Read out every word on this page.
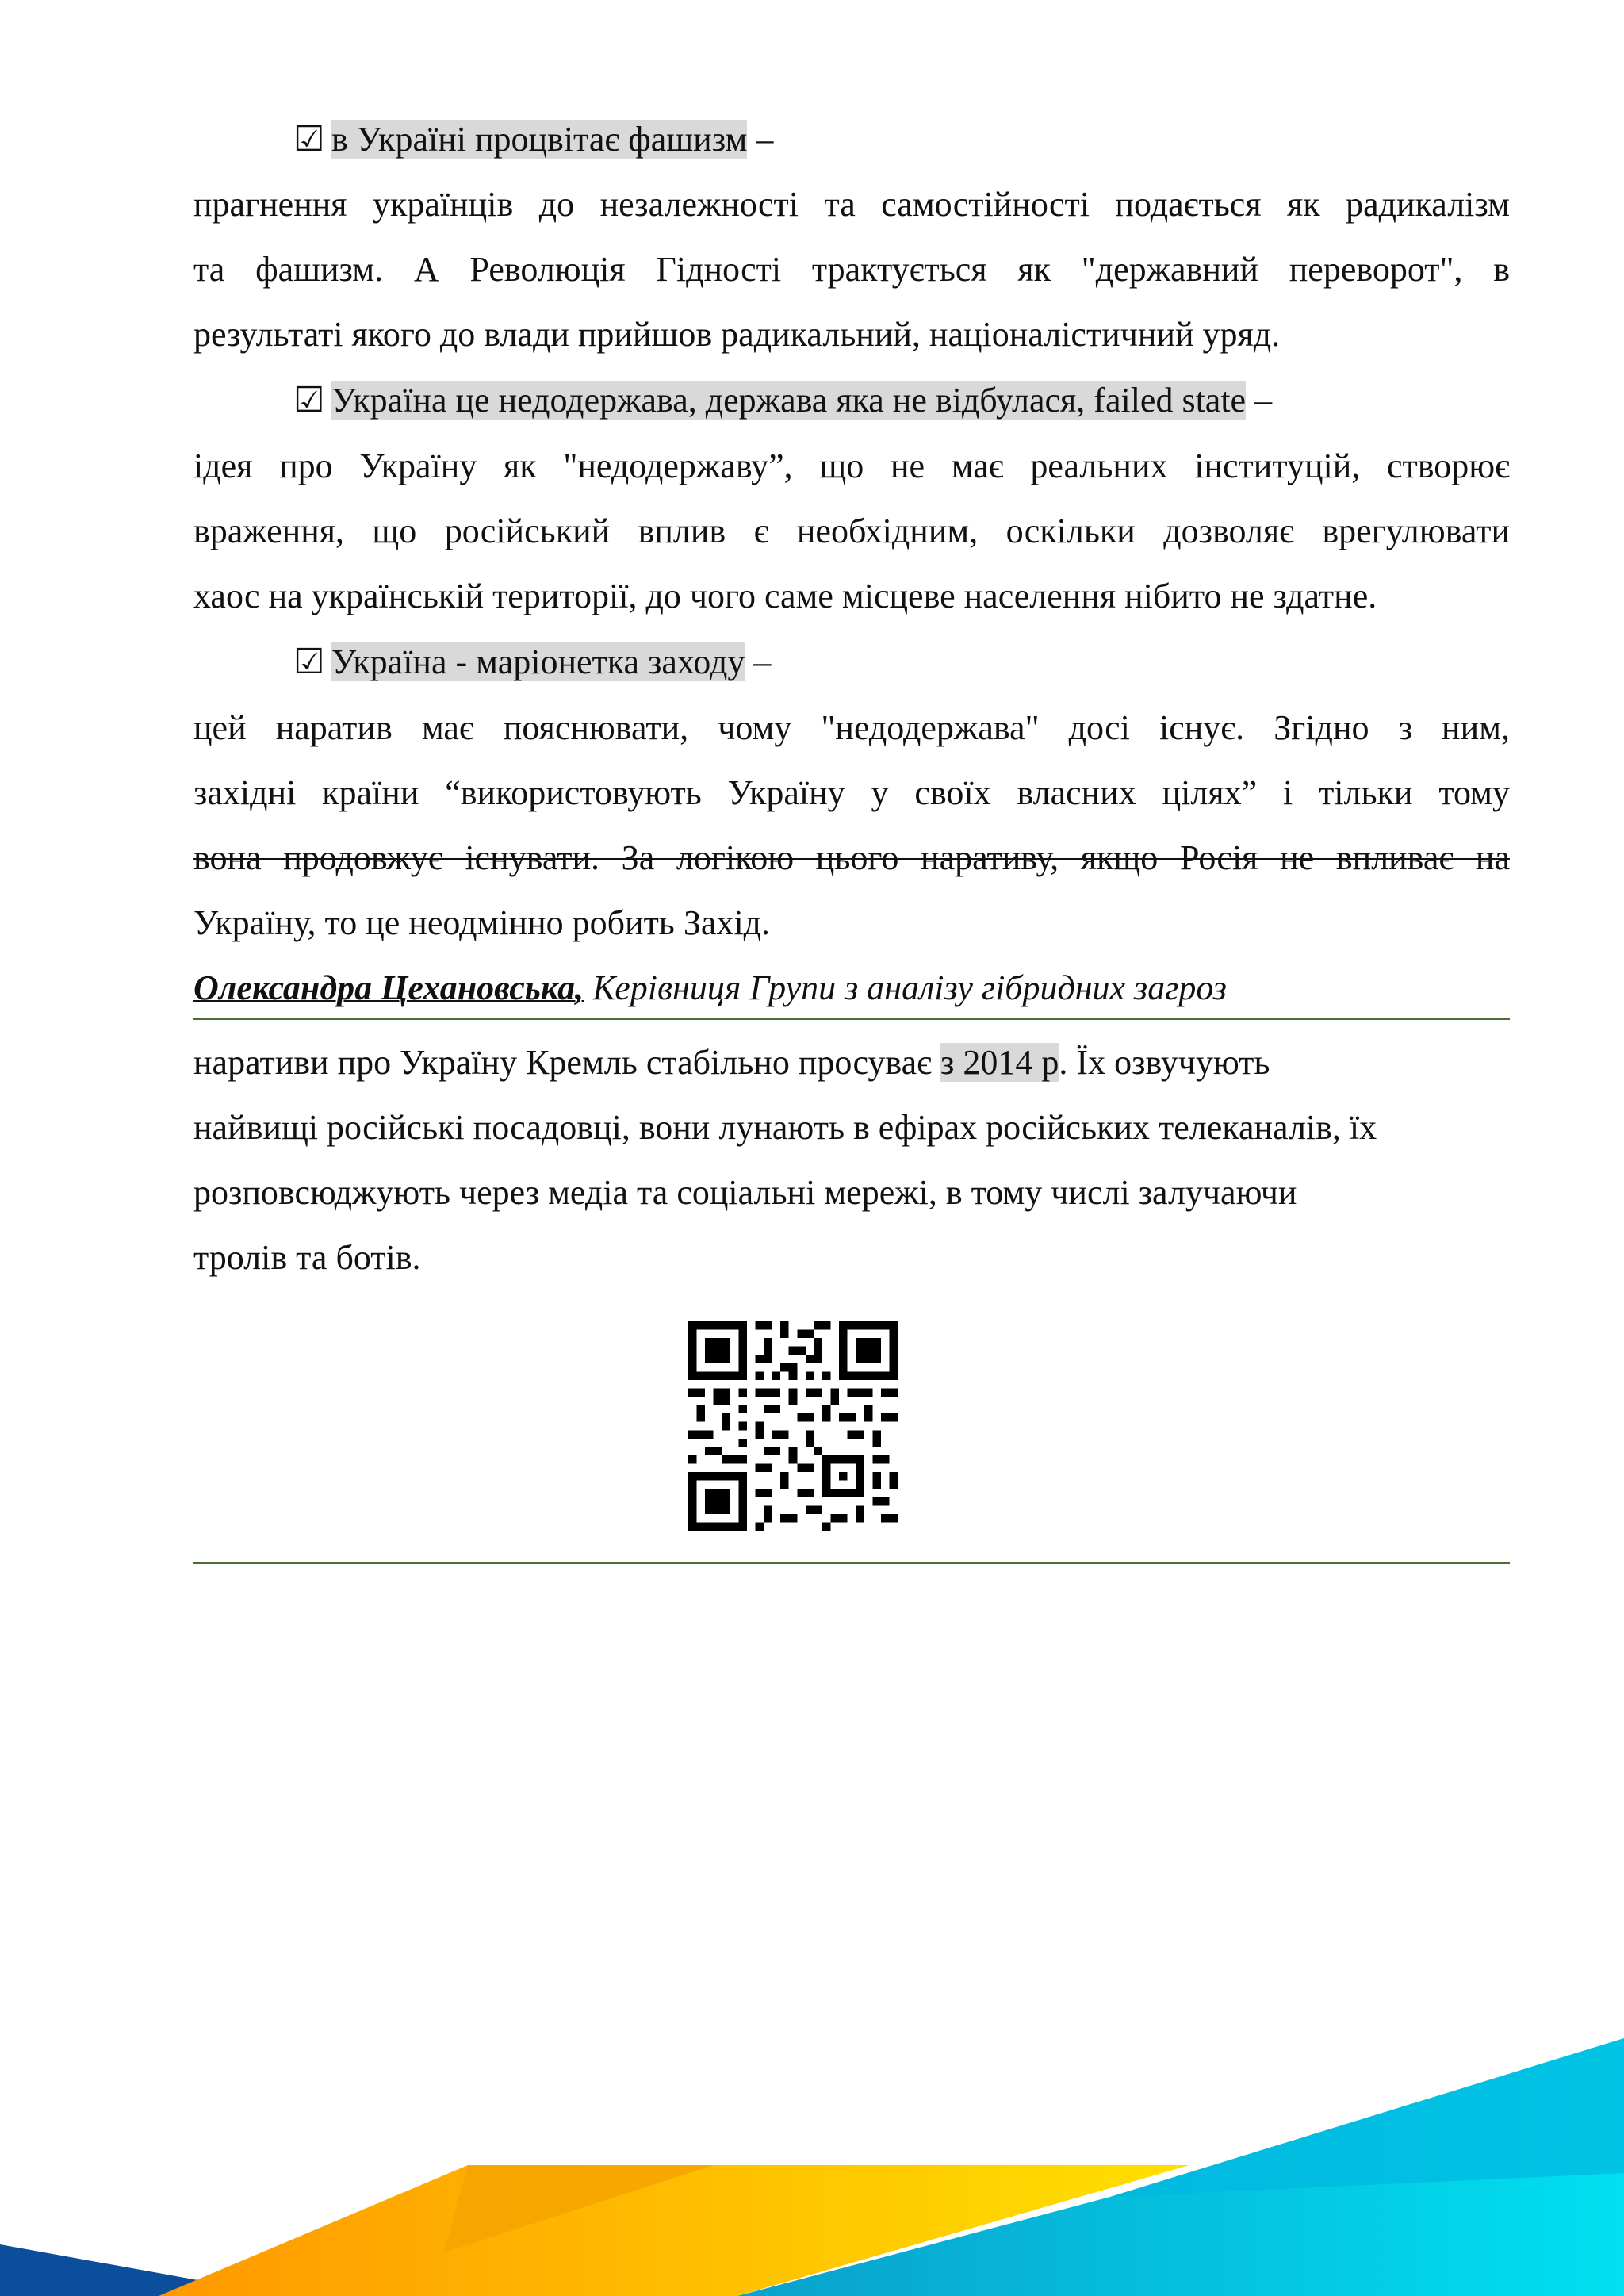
☑ в Україні процвітає фашизм –
прагнення українців до незалежності та самостійності подається як радикалізм
та фашизм. А Революція Гідності трактується як "державний переворот", в
результаті якого до влади прийшов радикальний, націоналістичний уряд.
☑ Україна це недодержава, держава яка не відбулася, failed state –
ідея про Україну як "недодержаву”, що не має реальних інституцій, створює
враження, що російський вплив є необхідним, оскільки дозволяє врегулювати
хаос на українській території, до чого саме місцеве населення нібито не здатне.
☑ Україна - маріонетка заходу –
цей наратив має пояснювати, чому "недодержава" досі існує. Згідно з ним,
західні країни “використовують Україну у своїх власних цілях” і тільки тому
вона продовжує існувати. За логікою цього наративу, якщо Росія не впливає на
Україну, то це неодмінно робить Захід.
Олександра Цехановська, Керівниця Групи з аналізу гібридних загроз
наративи про Україну Кремль стабільно просуває з 2014 р. Їх озвучують
найвищі російські посадовці, вони лунають в ефірах російських телеканалів, їх
розповсюджують через медіа та соціальні мережі, в тому числі залучаючи
тролів та ботів.
